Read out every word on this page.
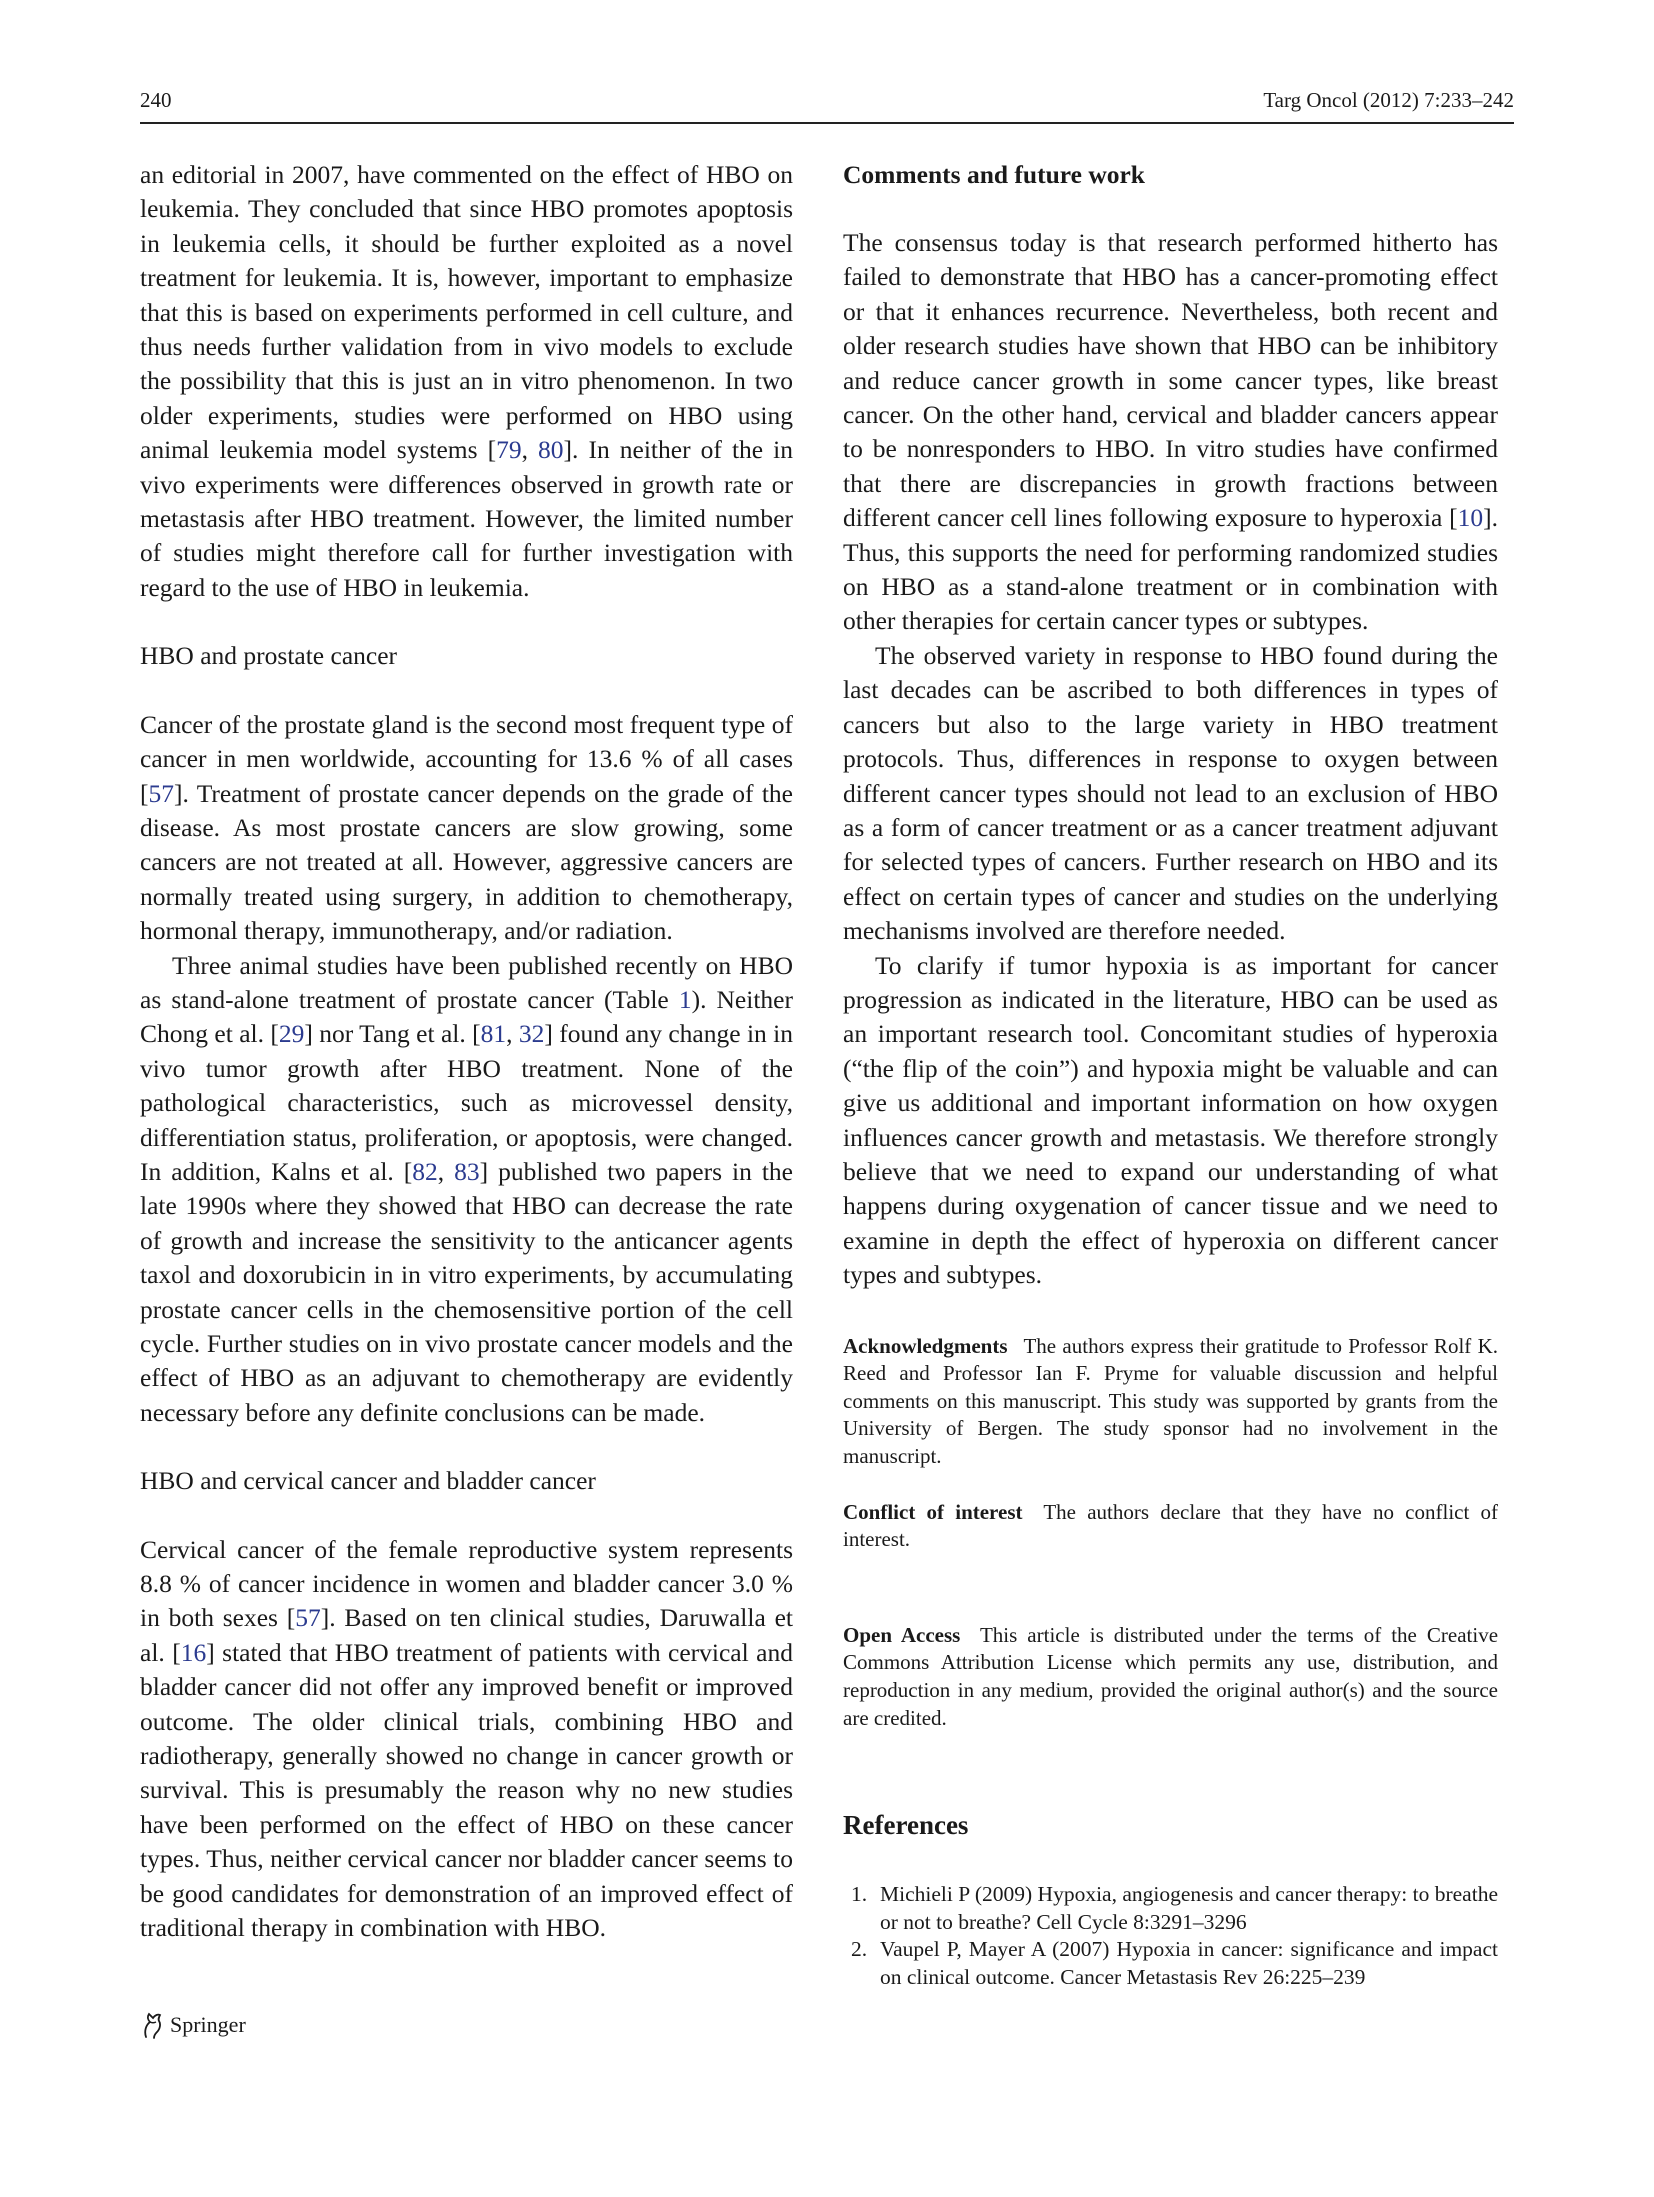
240	Targ Oncol (2012) 7:233–242

an editorial in 2007, have commented on the effect of HBO on leukemia. They concluded that since HBO promotes apoptosis in leukemia cells, it should be further exploited as a novel treatment for leukemia. It is, however, important to emphasize that this is based on experiments performed in cell culture, and thus needs further validation from in vivo models to exclude the possibility that this is just an in vitro phenomenon. In two older experiments, studies were performed on HBO using animal leukemia model systems [79, 80]. In neither of the in vivo experiments were differences observed in growth rate or metastasis after HBO treatment. However, the limited number of studies might therefore call for further investigation with regard to the use of HBO in leukemia.

HBO and prostate cancer

Cancer of the prostate gland is the second most frequent type of cancer in men worldwide, accounting for 13.6 % of all cases [57]. Treatment of prostate cancer depends on the grade of the disease. As most prostate cancers are slow growing, some cancers are not treated at all. However, aggressive cancers are normally treated using surgery, in addition to chemotherapy, hormonal therapy, immunotherapy, and/or radiation.

Three animal studies have been published recently on HBO as stand-alone treatment of prostate cancer (Table 1). Neither Chong et al. [29] nor Tang et al. [81, 32] found any change in in vivo tumor growth after HBO treatment. None of the pathological characteristics, such as microvessel density, differentiation status, proliferation, or apoptosis, were changed. In addition, Kalns et al. [82, 83] published two papers in the late 1990s where they showed that HBO can decrease the rate of growth and increase the sensitivity to the anticancer agents taxol and doxorubicin in in vitro experiments, by accumulating prostate cancer cells in the chemosensitive portion of the cell cycle. Further studies on in vivo prostate cancer models and the effect of HBO as an adjuvant to chemotherapy are evidently necessary before any definite conclusions can be made.

HBO and cervical cancer and bladder cancer

Cervical cancer of the female reproductive system represents 8.8 % of cancer incidence in women and bladder cancer 3.0 % in both sexes [57]. Based on ten clinical studies, Daruwalla et al. [16] stated that HBO treatment of patients with cervical and bladder cancer did not offer any improved benefit or improved outcome. The older clinical trials, combining HBO and radiotherapy, generally showed no change in cancer growth or survival. This is presumably the reason why no new studies have been performed on the effect of HBO on these cancer types. Thus, neither cervical cancer nor bladder cancer seems to be good candidates for demonstration of an improved effect of traditional therapy in combination with HBO.

Comments and future work

The consensus today is that research performed hitherto has failed to demonstrate that HBO has a cancer-promoting effect or that it enhances recurrence. Nevertheless, both recent and older research studies have shown that HBO can be inhibitory and reduce cancer growth in some cancer types, like breast cancer. On the other hand, cervical and bladder cancers appear to be nonresponders to HBO. In vitro studies have confirmed that there are discrepancies in growth fractions between different cancer cell lines following exposure to hyperoxia [10]. Thus, this supports the need for performing randomized studies on HBO as a stand-alone treatment or in combination with other therapies for certain cancer types or subtypes.

The observed variety in response to HBO found during the last decades can be ascribed to both differences in types of cancers but also to the large variety in HBO treatment protocols. Thus, differences in response to oxygen between different cancer types should not lead to an exclusion of HBO as a form of cancer treatment or as a cancer treatment adjuvant for selected types of cancers. Further research on HBO and its effect on certain types of cancer and studies on the underlying mechanisms involved are therefore needed.

To clarify if tumor hypoxia is as important for cancer progression as indicated in the literature, HBO can be used as an important research tool. Concomitant studies of hyperoxia (“the flip of the coin”) and hypoxia might be valuable and can give us additional and important information on how oxygen influences cancer growth and metastasis. We therefore strongly believe that we need to expand our understanding of what happens during oxygenation of cancer tissue and we need to examine in depth the effect of hyperoxia on different cancer types and subtypes.

Acknowledgments The authors express their gratitude to Professor Rolf K. Reed and Professor Ian F. Pryme for valuable discussion and helpful comments on this manuscript. This study was supported by grants from the University of Bergen. The study sponsor had no involvement in the manuscript.

Conflict of interest The authors declare that they have no conflict of interest.

Open Access This article is distributed under the terms of the Creative Commons Attribution License which permits any use, distribution, and reproduction in any medium, provided the original author(s) and the source are credited.

References
1. Michieli P (2009) Hypoxia, angiogenesis and cancer therapy: to breathe or not to breathe? Cell Cycle 8:3291–3296
2. Vaupel P, Mayer A (2007) Hypoxia in cancer: significance and impact on clinical outcome. Cancer Metastasis Rev 26:225–239
Springer
